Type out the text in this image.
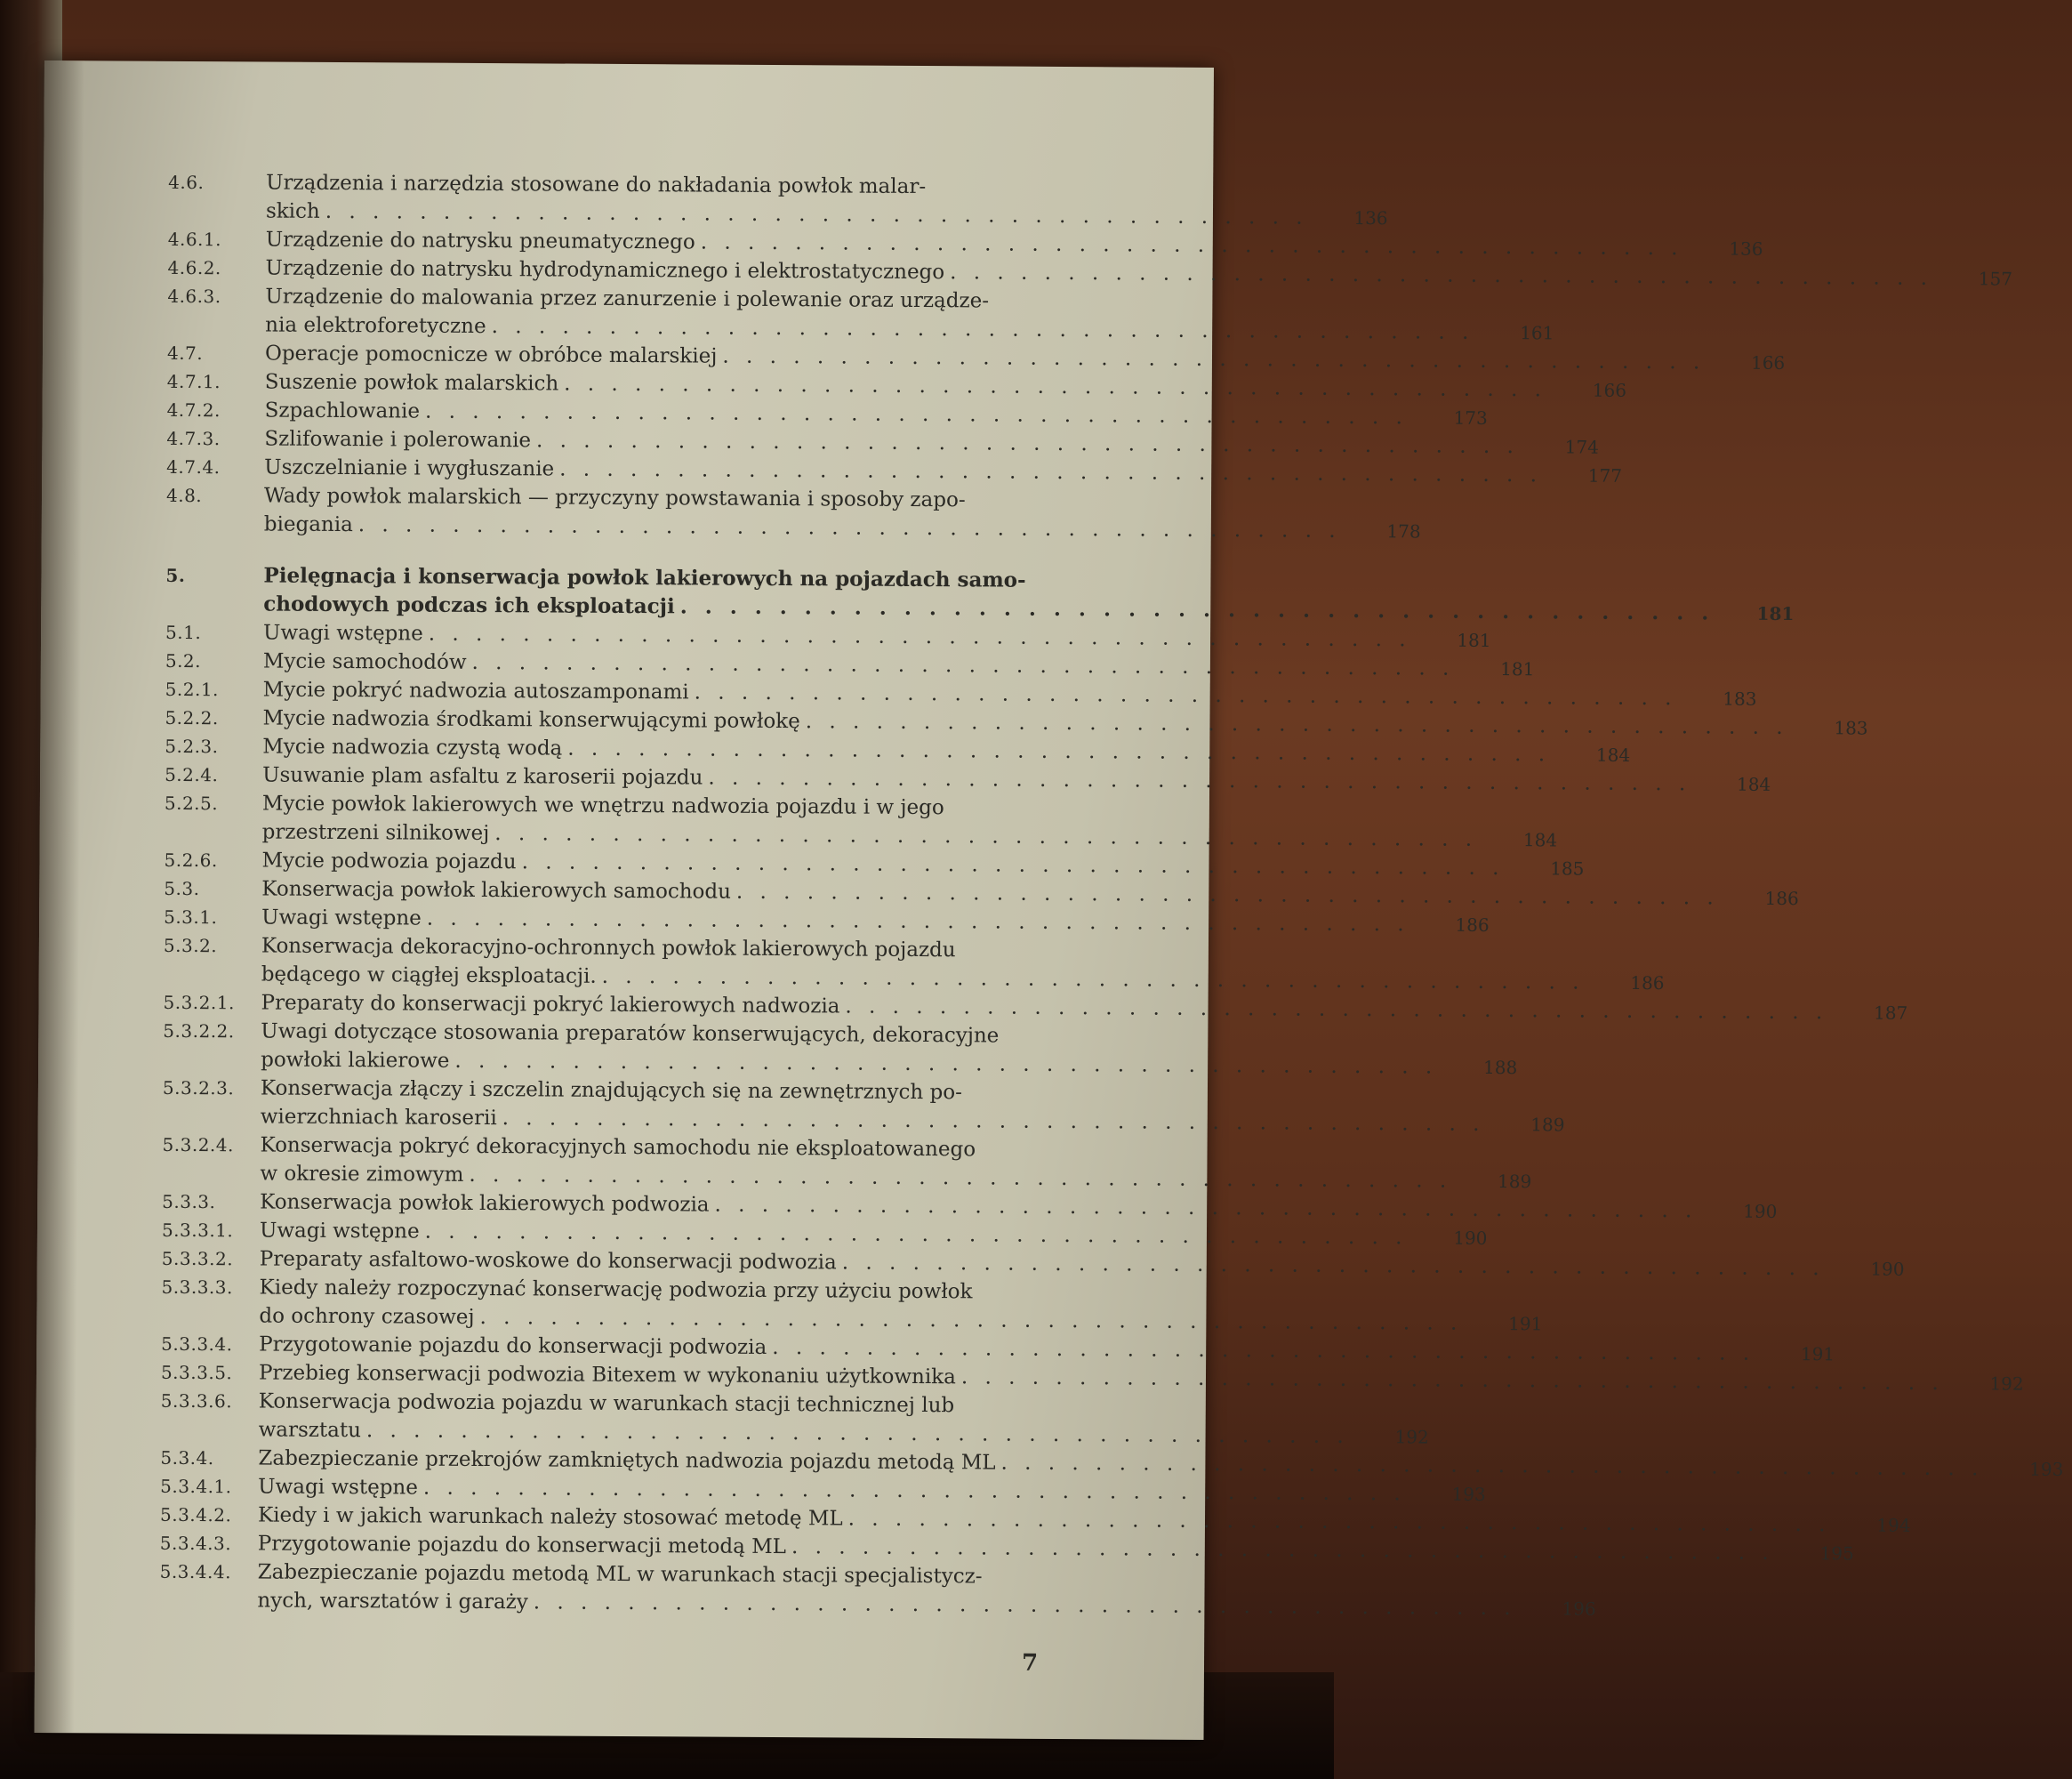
4.6.	Urządzenia i narzędzia stosowane do nakładania powłok malar-
skich . . . . . . . . . . . . . . . . . . . . . . . . . . . . . . . . . . . . . . . . . .	136
4.6.1.	Urządzenie do natrysku pneumatycznego . . . . . . . . . . . . . . . . . . . . . . . . . . . . . . . . . . . . . . . . . .	136
4.6.2.	Urządzenie do natrysku hydrodynamicznego i elektrostatycznego . . . . . . . . . . . . . . . . . . . . . . . . . . . . . . . . . . . . . . . . . .	157
4.6.3.	Urządzenie do malowania przez zanurzenie i polewanie oraz urządze-
nia elektroforetyczne . . . . . . . . . . . . . . . . . . . . . . . . . . . . . . . . . . . . . . . . . .	161
4.7.	Operacje pomocnicze w obróbce malarskiej . . . . . . . . . . . . . . . . . . . . . . . . . . . . . . . . . . . . . . . . . .	166
4.7.1.	Suszenie powłok malarskich . . . . . . . . . . . . . . . . . . . . . . . . . . . . . . . . . . . . . . . . . .	166
4.7.2.	Szpachlowanie . . . . . . . . . . . . . . . . . . . . . . . . . . . . . . . . . . . . . . . . . .	173
4.7.3.	Szlifowanie i polerowanie . . . . . . . . . . . . . . . . . . . . . . . . . . . . . . . . . . . . . . . . . .	174
4.7.4.	Uszczelnianie i wygłuszanie . . . . . . . . . . . . . . . . . . . . . . . . . . . . . . . . . . . . . . . . . .	177
4.8.	Wady powłok malarskich — przyczyny powstawania i sposoby zapo-
biegania . . . . . . . . . . . . . . . . . . . . . . . . . . . . . . . . . . . . . . . . . .	178
5.	Pielęgnacja i konserwacja powłok lakierowych na pojazdach samo-
chodowych podczas ich eksploatacji . . . . . . . . . . . . . . . . . . . . . . . . . . . . . . . . . . . . . . . . . .	181
5.1.	Uwagi wstępne . . . . . . . . . . . . . . . . . . . . . . . . . . . . . . . . . . . . . . . . . .	181
5.2.	Mycie samochodów . . . . . . . . . . . . . . . . . . . . . . . . . . . . . . . . . . . . . . . . . .	181
5.2.1.	Mycie pokryć nadwozia autoszamponami . . . . . . . . . . . . . . . . . . . . . . . . . . . . . . . . . . . . . . . . . .	183
5.2.2.	Mycie nadwozia środkami konserwującymi powłokę . . . . . . . . . . . . . . . . . . . . . . . . . . . . . . . . . . . . . . . . . .	183
5.2.3.	Mycie nadwozia czystą wodą . . . . . . . . . . . . . . . . . . . . . . . . . . . . . . . . . . . . . . . . . .	184
5.2.4.	Usuwanie plam asfaltu z karoserii pojazdu . . . . . . . . . . . . . . . . . . . . . . . . . . . . . . . . . . . . . . . . . .	184
5.2.5.	Mycie powłok lakierowych we wnętrzu nadwozia pojazdu i w jego
przestrzeni silnikowej . . . . . . . . . . . . . . . . . . . . . . . . . . . . . . . . . . . . . . . . . .	184
5.2.6.	Mycie podwozia pojazdu . . . . . . . . . . . . . . . . . . . . . . . . . . . . . . . . . . . . . . . . . .	185
5.3.	Konserwacja powłok lakierowych samochodu . . . . . . . . . . . . . . . . . . . . . . . . . . . . . . . . . . . . . . . . . .	186
5.3.1.	Uwagi wstępne . . . . . . . . . . . . . . . . . . . . . . . . . . . . . . . . . . . . . . . . . .	186
5.3.2.	Konserwacja dekoracyjno-ochronnych powłok lakierowych pojazdu
będącego w ciągłej eksploatacji. . . . . . . . . . . . . . . . . . . . . . . . . . . . . . . . . . . . . . . . . . .	186
5.3.2.1.	Preparaty do konserwacji pokryć lakierowych nadwozia . . . . . . . . . . . . . . . . . . . . . . . . . . . . . . . . . . . . . . . . . .	187
5.3.2.2.	Uwagi dotyczące stosowania preparatów konserwujących, dekoracyjne
powłoki lakierowe . . . . . . . . . . . . . . . . . . . . . . . . . . . . . . . . . . . . . . . . . .	188
5.3.2.3.	Konserwacja złączy i szczelin znajdujących się na zewnętrznych po-
wierzchniach karoserii . . . . . . . . . . . . . . . . . . . . . . . . . . . . . . . . . . . . . . . . . .	189
5.3.2.4.	Konserwacja pokryć dekoracyjnych samochodu nie eksploatowanego
w okresie zimowym . . . . . . . . . . . . . . . . . . . . . . . . . . . . . . . . . . . . . . . . . .	189
5.3.3.	Konserwacja powłok lakierowych podwozia . . . . . . . . . . . . . . . . . . . . . . . . . . . . . . . . . . . . . . . . . .	190
5.3.3.1.	Uwagi wstępne . . . . . . . . . . . . . . . . . . . . . . . . . . . . . . . . . . . . . . . . . .	190
5.3.3.2.	Preparaty asfaltowo-woskowe do konserwacji podwozia . . . . . . . . . . . . . . . . . . . . . . . . . . . . . . . . . . . . . . . . . .	190
5.3.3.3.	Kiedy należy rozpoczynać konserwację podwozia przy użyciu powłok
do ochrony czasowej . . . . . . . . . . . . . . . . . . . . . . . . . . . . . . . . . . . . . . . . . .	191
5.3.3.4.	Przygotowanie pojazdu do konserwacji podwozia . . . . . . . . . . . . . . . . . . . . . . . . . . . . . . . . . . . . . . . . . .	191
5.3.3.5.	Przebieg konserwacji podwozia Bitexem w wykonaniu użytkownika . . . . . . . . . . . . . . . . . . . . . . . . . . . . . . . . . . . . . . . . . .	192
5.3.3.6.	Konserwacja podwozia pojazdu w warunkach stacji technicznej lub
warsztatu . . . . . . . . . . . . . . . . . . . . . . . . . . . . . . . . . . . . . . . . . .	192
5.3.4.	Zabezpieczanie przekrojów zamkniętych nadwozia pojazdu metodą ML . . . . . . . . . . . . . . . . . . . . . . . . . . . . . . . . . . . . . . . . . .	193
5.3.4.1.	Uwagi wstępne . . . . . . . . . . . . . . . . . . . . . . . . . . . . . . . . . . . . . . . . . .	193
5.3.4.2.	Kiedy i w jakich warunkach należy stosować metodę ML . . . . . . . . . . . . . . . . . . . . . . . . . . . . . . . . . . . . . . . . . .	194
5.3.4.3.	Przygotowanie pojazdu do konserwacji metodą ML . . . . . . . . . . . . . . . . . . . . . . . . . . . . . . . . . . . . . . . . . .	195
5.3.4.4.	Zabezpieczanie pojazdu metodą ML w warunkach stacji specjalistycz-
nych, warsztatów i garaży . . . . . . . . . . . . . . . . . . . . . . . . . . . . . . . . . . . . . . . . . .	196
7
